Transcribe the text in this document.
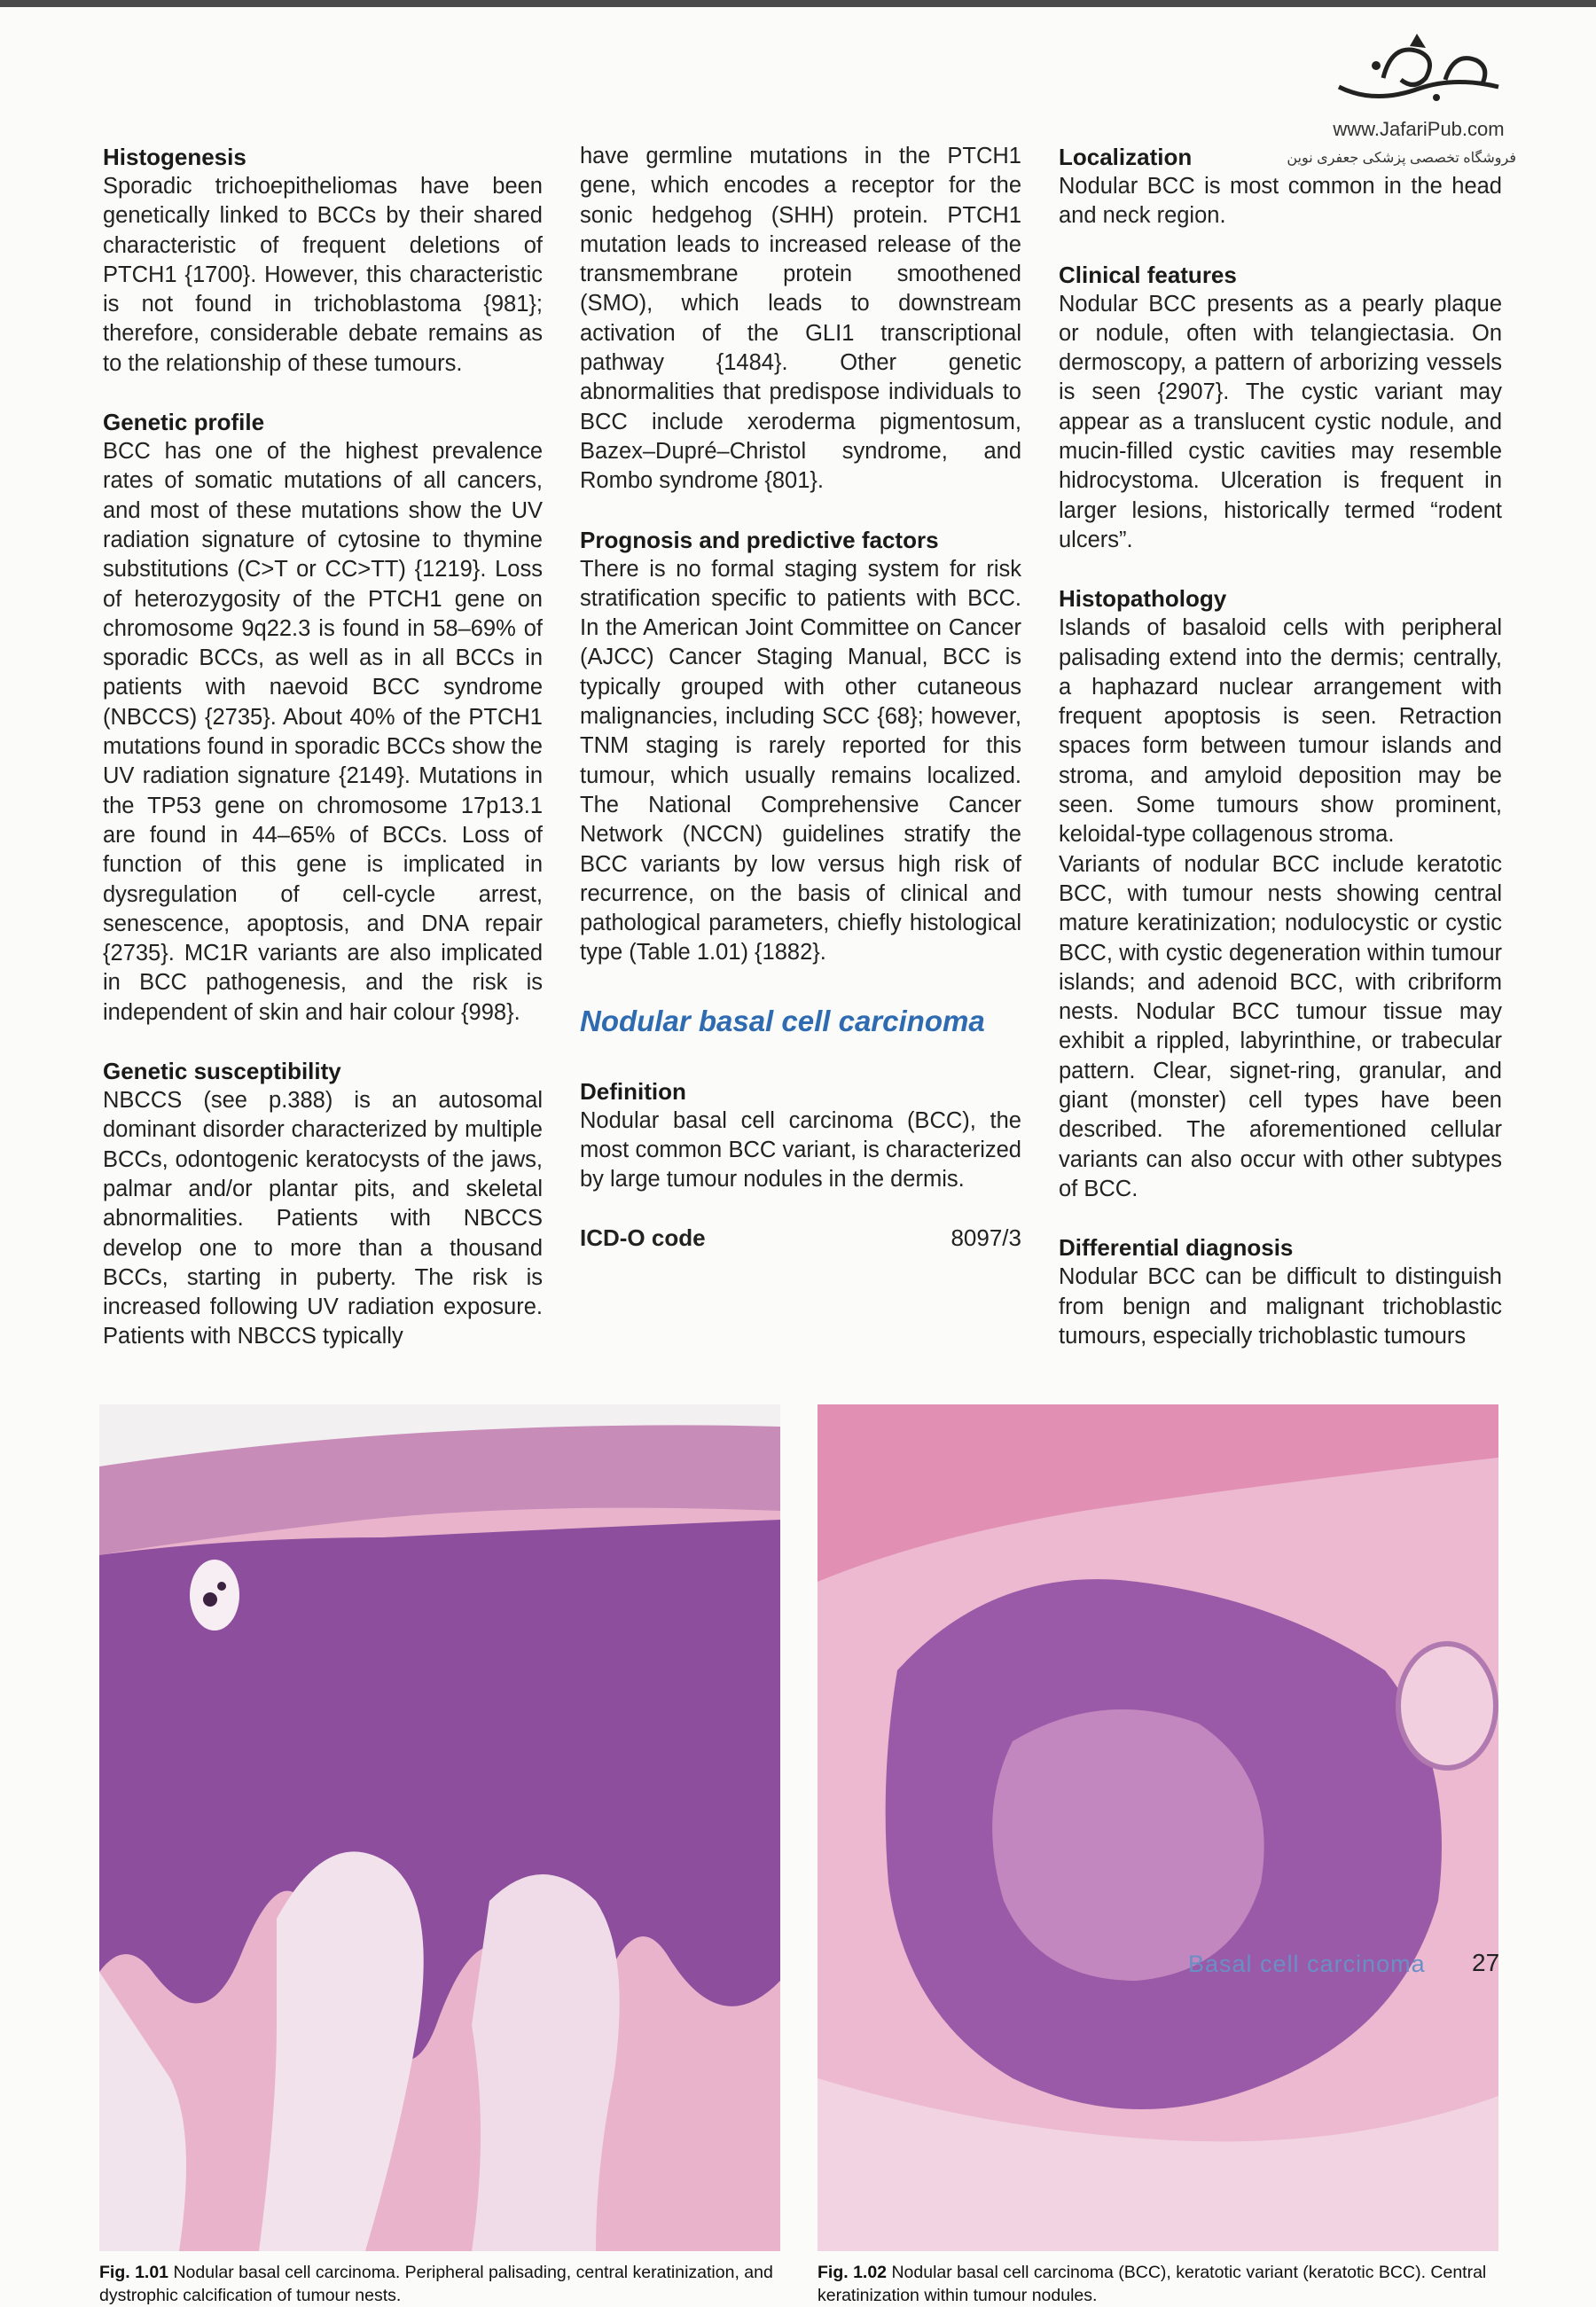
www.JafariPub.com
فروشگاه تخصصی پزشکی جعفری نوین
Histogenesis

Sporadic trichoepitheliomas have been genetically linked to BCCs by their shared characteristic of frequent deletions of PTCH1 {1700}. However, this characteristic is not found in trichoblastoma {981}; therefore, considerable debate remains as to the relationship of these tumours.

Genetic profile

BCC has one of the highest prevalence rates of somatic mutations of all cancers, and most of these mutations show the UV radiation signature of cytosine to thymine substitutions (C>T or CC>TT) {1219}. Loss of heterozygosity of the PTCH1 gene on chromosome 9q22.3 is found in 58–69% of sporadic BCCs, as well as in all BCCs in patients with naevoid BCC syndrome (NBCCS) {2735}. About 40% of the PTCH1 mutations found in sporadic BCCs show the UV radiation signature {2149}. Mutations in the TP53 gene on chromosome 17p13.1 are found in 44–65% of BCCs. Loss of function of this gene is implicated in dysregulation of cell-cycle arrest, senescence, apoptosis, and DNA repair {2735}. MC1R variants are also implicated in BCC pathogenesis, and the risk is independent of skin and hair colour {998}.

Genetic susceptibility

NBCCS (see p.388) is an autosomal dominant disorder characterized by multiple BCCs, odontogenic keratocysts of the jaws, palmar and/or plantar pits, and skeletal abnormalities. Patients with NBCCS develop one to more than a thousand BCCs, starting in puberty. The risk is increased following UV radiation exposure. Patients with NBCCS typically

have germline mutations in the PTCH1 gene, which encodes a receptor for the sonic hedgehog (SHH) protein. PTCH1 mutation leads to increased release of the transmembrane protein smoothened (SMO), which leads to downstream activation of the GLI1 transcriptional pathway {1484}. Other genetic abnormalities that predispose individuals to BCC include xeroderma pigmentosum, Bazex–Dupré–Christol syndrome, and Rombo syndrome {801}.

Prognosis and predictive factors

There is no formal staging system for risk stratification specific to patients with BCC. In the American Joint Committee on Cancer (AJCC) Cancer Staging Manual, BCC is typically grouped with other cutaneous malignancies, including SCC {68}; however, TNM staging is rarely reported for this tumour, which usually remains localized. The National Comprehensive Cancer Network (NCCN) guidelines stratify the BCC variants by low versus high risk of recurrence, on the basis of clinical and pathological parameters, chiefly histological type (Table 1.01) {1882}.

Nodular basal cell carcinoma
Definition

Nodular basal cell carcinoma (BCC), the most common BCC variant, is characterized by large tumour nodules in the dermis.

ICD-O code	8097/3
Localization

Nodular BCC is most common in the head and neck region.

Clinical features

Nodular BCC presents as a pearly plaque or nodule, often with telangiectasia. On dermoscopy, a pattern of arborizing vessels is seen {2907}. The cystic variant may appear as a translucent cystic nodule, and mucin-filled cystic cavities may resemble hidrocystoma. Ulceration is frequent in larger lesions, historically termed “rodent ulcers”.

Histopathology

Islands of basaloid cells with peripheral palisading extend into the dermis; centrally, a haphazard nuclear arrangement with frequent apoptosis is seen. Retraction spaces form between tumour islands and stroma, and amyloid deposition may be seen. Some tumours show prominent, keloidal-type collagenous stroma.

Variants of nodular BCC include keratotic BCC, with tumour nests showing central mature keratinization; nodulocystic or cystic BCC, with cystic degeneration within tumour islands; and adenoid BCC, with cribriform nests. Nodular BCC tumour tissue may exhibit a rippled, labyrinthine, or trabecular pattern. Clear, signet-ring, granular, and giant (monster) cell types have been described. The aforementioned cellular variants can also occur with other subtypes of BCC.

Differential diagnosis

Nodular BCC can be difficult to distinguish from benign and malignant trichoblastic tumours, especially trichoblastic tumours

Fig. 1.01 Nodular basal cell carcinoma. Peripheral palisading, central keratinization, and dystrophic calcification of tumour nests.
Fig. 1.02 Nodular basal cell carcinoma (BCC), keratotic variant (keratotic BCC). Central keratinization within tumour nodules.
Basal cell carcinoma 27
